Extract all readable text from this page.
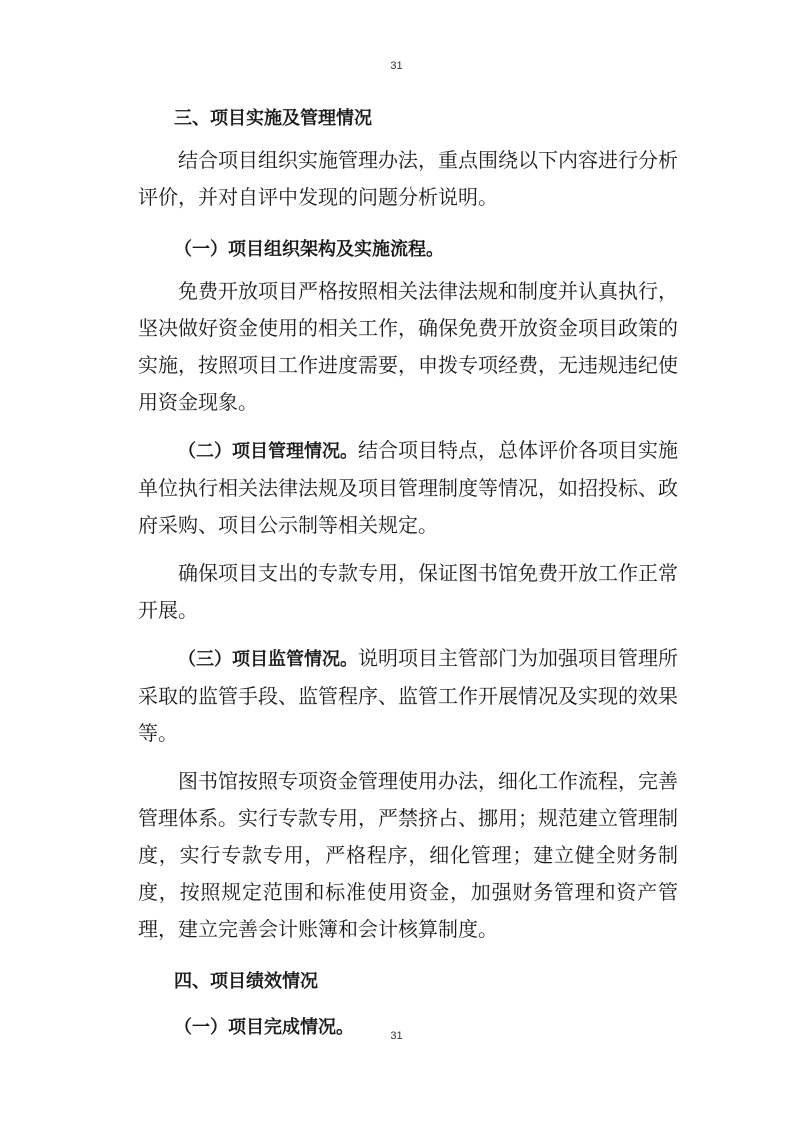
31
三、项目实施及管理情况

结合项目组织实施管理办法，重点围绕以下内容进行分析评价，并对自评中发现的问题分析说明。

（一）项目组织架构及实施流程。

免费开放项目严格按照相关法律法规和制度并认真执行，坚决做好资金使用的相关工作，确保免费开放资金项目政策的实施，按照项目工作进度需要，申拨专项经费，无违规违纪使用资金现象。

（二）项目管理情况。结合项目特点，总体评价各项目实施单位执行相关法律法规及项目管理制度等情况，如招投标、政府采购、项目公示制等相关规定。

确保项目支出的专款专用，保证图书馆免费开放工作正常开展。

（三）项目监管情况。说明项目主管部门为加强项目管理所采取的监管手段、监管程序、监管工作开展情况及实现的效果等。

图书馆按照专项资金管理使用办法，细化工作流程，完善管理体系。实行专款专用，严禁挤占、挪用；规范建立管理制度，实行专款专用，严格程序，细化管理；建立健全财务制度，按照规定范围和标准使用资金，加强财务管理和资产管理，建立完善会计账簿和会计核算制度。

四、项目绩效情况
（一）项目完成情况。	31
